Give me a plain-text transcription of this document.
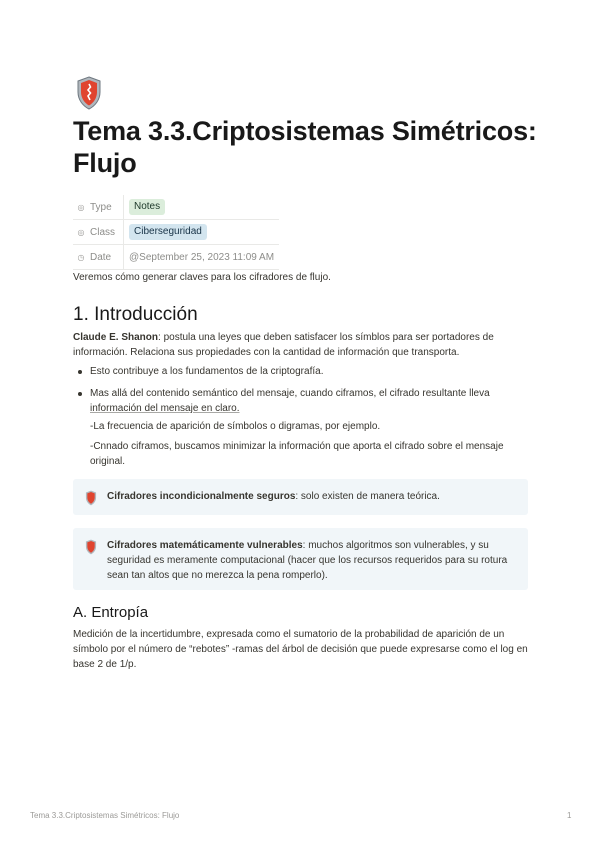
Tema 3.3.Criptosistemas Simétricos: Flujo
◎ Type	Notes
◎ Class	Ciberseguridad
◷ Date	@September 25, 2023 11:09 AM

Veremos cómo generar claves para los cifradores de flujo.

1. Introducción

Claude E. Shanon: postula una leyes que deben satisfacer los símblos para ser portadores de información. Relaciona sus propiedades con la cantidad de información que transporta.

Esto contribuye a los fundamentos de la criptografía.
Mas allá del contenido semántico del mensaje, cuando ciframos, el cifrado resultante lleva información del mensaje en claro.
-La frecuencia de aparición de símbolos o digramas, por ejemplo.
-Cnnado ciframos, buscamos minimizar la información que aporta el cifrado sobre el mensaje original.
Cifradores incondicionalmente seguros: solo existen de manera teórica.
Cifradores matemáticamente vulnerables: muchos algoritmos son vulnerables, y su seguridad es meramente computacional (hacer que los recursos requeridos para su rotura sean tan altos que no merezca la pena romperlo).
A. Entropía

Medición de la incertidumbre, expresada como el sumatorio de la probabilidad de aparición de un símbolo por el número de “rebotes” -ramas del árbol de decisión que puede expresarse como el log en base 2 de 1/p.

Tema 3.3.Criptosistemas Simétricos: Flujo	1
